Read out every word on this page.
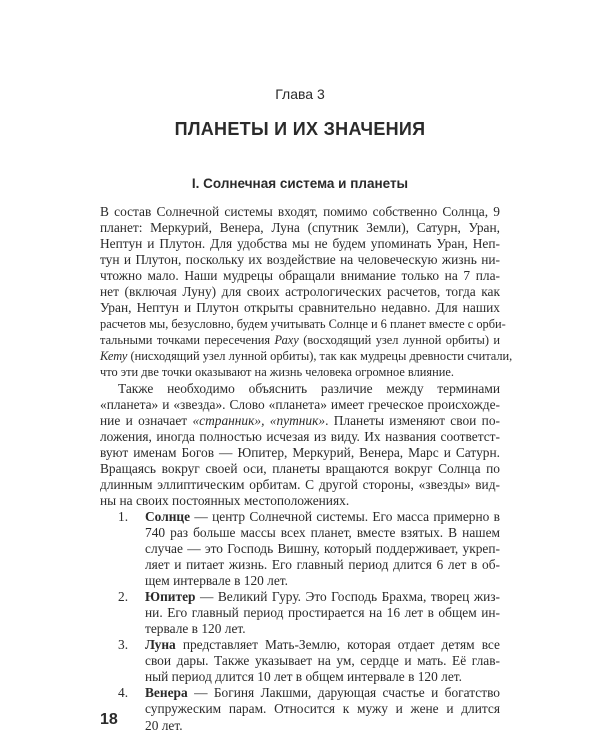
Глава 3
ПЛАНЕТЫ И ИХ ЗНАЧЕНИЯ
I. Солнечная система и планеты
В состав Солнечной системы входят, помимо собственно Солнца, 9
планет: Меркурий, Венера, Луна (спутник Земли), Сатурн, Уран,
Нептун и Плутон. Для удобства мы не будем упоминать Уран, Неп-
тун и Плутон, поскольку их воздействие на человеческую жизнь ни-
чтожно мало. Наши мудрецы обращали внимание только на 7 пла-
нет (включая Луну) для своих астрологических расчетов, тогда как
Уран, Нептун и Плутон открыты сравнительно недавно. Для наших
расчетов мы, безусловно, будем учитывать Солнце и 6 планет вместе с орби-
тальными точками пересечения Раху (восходящий узел лунной орбиты) и
Кету (нисходящий узел лунной орбиты), так как мудрецы древности считали,
что эти две точки оказывают на жизнь человека огромное влияние.
Также необходимо объяснить различие между терминами
«планета» и «звезда». Слово «планета» имеет греческое происхожде-
ние и означает «странник», «путник». Планеты изменяют свои по-
ложения, иногда полностью исчезая из виду. Их названия соответст-
вуют именам Богов — Юпитер, Меркурий, Венера, Марс и Сатурн.
Вращаясь вокруг своей оси, планеты вращаются вокруг Солнца по
длинным эллиптическим орбитам. С другой стороны, «звезды» вид-
ны на своих постоянных местоположениях.
1. Солнце — центр Солнечной системы. Его масса примерно в
740 раз больше массы всех планет, вместе взятых. В нашем
случае — это Господь Вишну, который поддерживает, укреп-
ляет и питает жизнь. Его главный период длится 6 лет в об-
щем интервале в 120 лет.
2. Юпитер — Великий Гуру. Это Господь Брахма, творец жиз-
ни. Его главный период простирается на 16 лет в общем ин-
тервале в 120 лет.
3. Луна представляет Мать-Землю, которая отдает детям все
свои дары. Также указывает на ум, сердце и мать. Её глав-
ный период длится 10 лет в общем интервале в 120 лет.
4. Венера — Богиня Лакшми, дарующая счастье и богатство
супружеским парам. Относится к мужу и жене и длится
20 лет.
18
